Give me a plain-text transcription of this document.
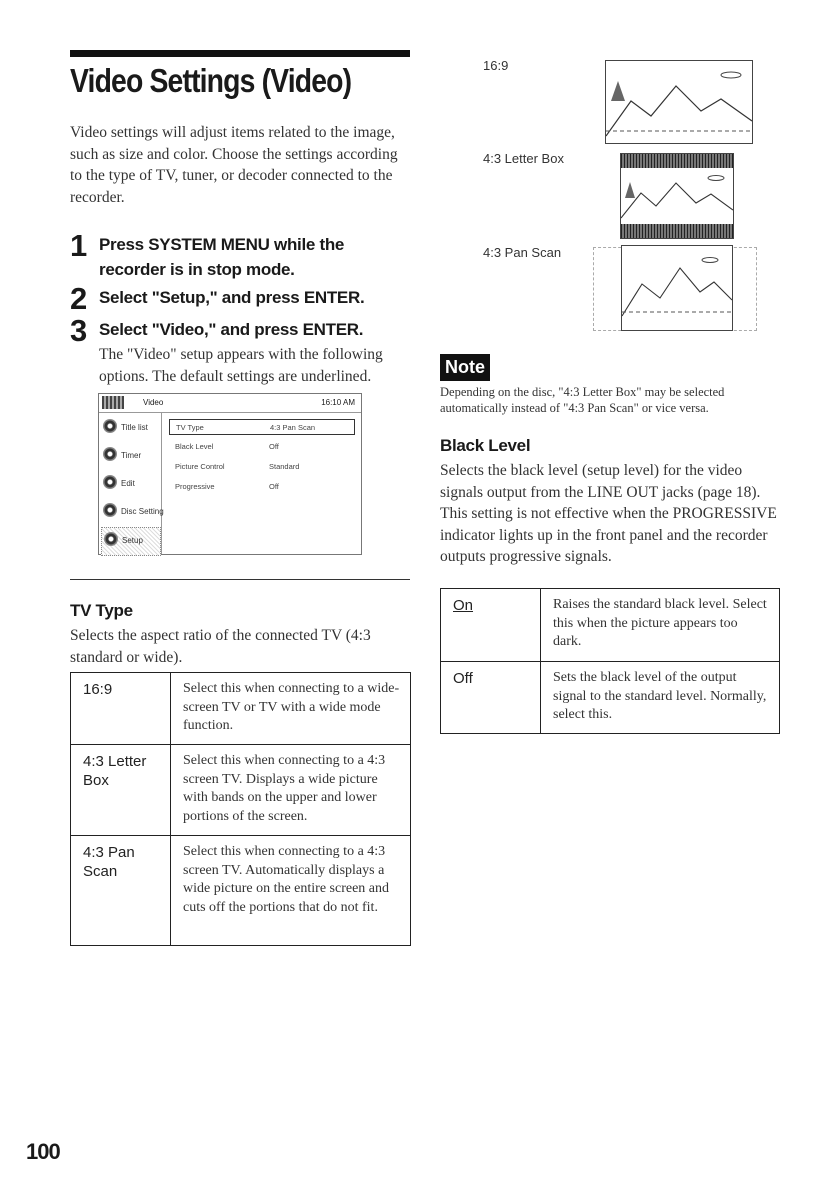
Video Settings (Video)
Video settings will adjust items related to the image, such as size and color. Choose the settings according to the type of TV, tuner, or decoder connected to the recorder.
1 Press SYSTEM MENU while the recorder is in stop mode.
2 Select "Setup," and press ENTER.
3 Select "Video," and press ENTER.
The "Video" setup appears with the following options. The default settings are underlined.
Video	16:10 AM
Title list
Timer
Edit
Disc Setting
Setup
TV Type	4:3 Pan Scan
Black Level	Off
Picture Control	Standard
Progressive	Off
TV Type
Selects the aspect ratio of the connected TV (4:3 standard or wide).
16:9	Select this when connecting to a wide-screen TV or TV with a wide mode function.
4:3 Letter Box	Select this when connecting to a 4:3 screen TV. Displays a wide picture with bands on the upper and lower portions of the screen.
4:3 Pan Scan	Select this when connecting to a 4:3 screen TV. Automatically displays a wide picture on the entire screen and cuts off the portions that do not fit.
16:9
4:3 Letter Box
4:3 Pan Scan
Note
Depending on the disc, "4:3 Letter Box" may be selected automatically instead of "4:3 Pan Scan" or vice versa.
Black Level
Selects the black level (setup level) for the video signals output from the LINE OUT jacks (page 18). This setting is not effective when the PROGRESSIVE indicator lights up in the front panel and the recorder outputs progressive signals.
On	Raises the standard black level. Select this when the picture appears too dark.
Off	Sets the black level of the output signal to the standard level. Normally, select this.
100
